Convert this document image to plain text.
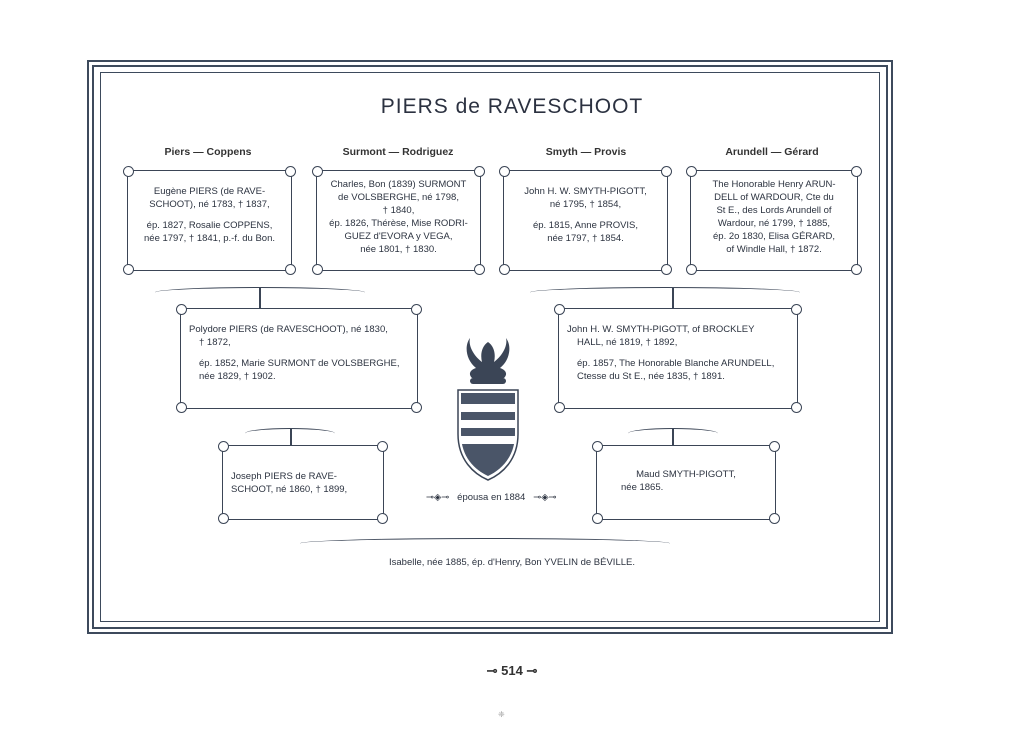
PIERS de RAVESCHOOT
Piers — Coppens	Surmont — Rodriguez	Smyth — Provis	Arundell — Gérard

Eugène PIERS (de RAVE-

SCHOOT), né 1783, † 1837,

ép. 1827, Rosalie COPPENS,

née 1797, † 1841, p.-f. du Bon.

Charles, Bon (1839) SURMONT

de VOLSBERGHE, né 1798,

† 1840,

ép. 1826, Thérèse, Mise RODRI-

GUEZ d'EVORA y VEGA,

née 1801, † 1830.

John H. W. SMYTH-PIGOTT,

né 1795, † 1854,

ép. 1815, Anne PROVIS,

née 1797, † 1854.

The Honorable Henry ARUN-

DELL of WARDOUR, Cte du

St E., des Lords Arundell of

Wardour, né 1799, † 1885,

ép. 2o 1830, Elisa GÉRARD,

of Windle Hall, † 1872.

Polydore PIERS (de RAVESCHOOT), né 1830,

† 1872,

ép. 1852, Marie SURMONT de VOLSBERGHE,

née 1829, † 1902.

John H. W. SMYTH-PIGOTT, of BROCKLEY

HALL, né 1819, † 1892,

ép. 1857, The Honorable Blanche ARUNDELL,

Ctesse du St E., née 1835, † 1891.

Joseph PIERS de RAVE-

SCHOOT, né 1860, † 1899,

Maud SMYTH-PIGOTT,

née 1865.

⊸◈⊸ épousa en 1884 ⊸◈⊸
Isabelle, née 1885, ép. d'Henry, Bon YVELIN de BÉVILLE.
⊸ 514 ⊸
❈
